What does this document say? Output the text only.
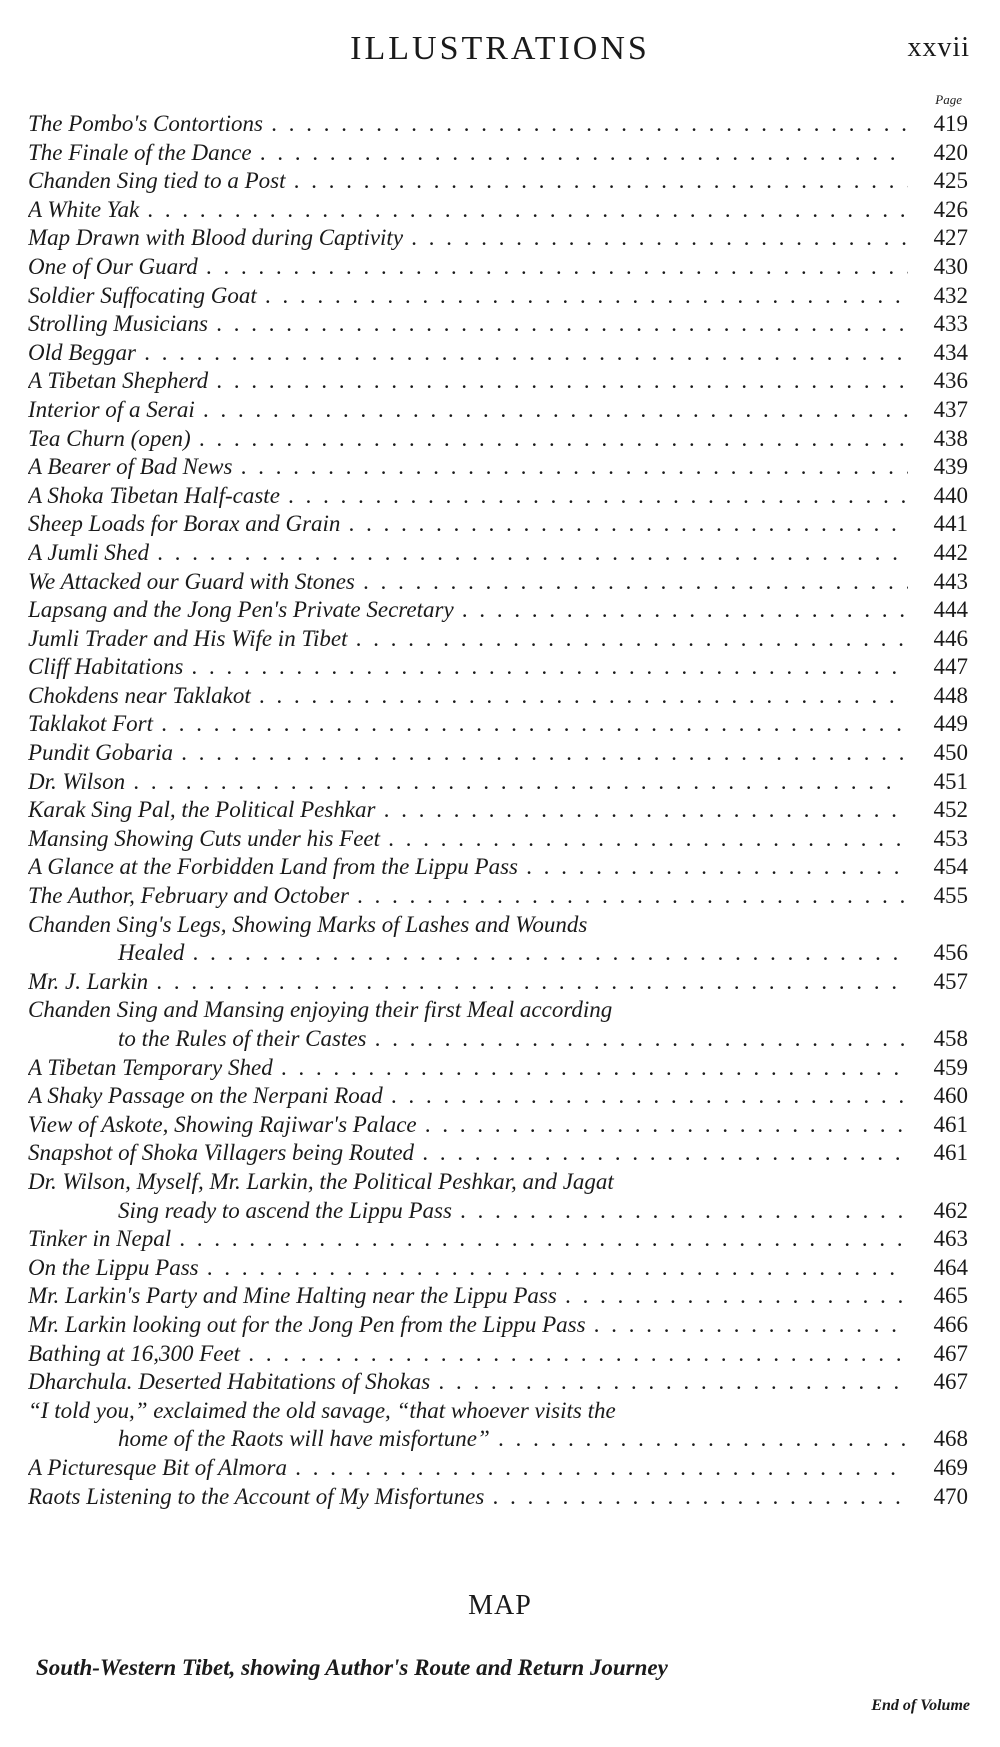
ILLUSTRATIONS	xxvii
Page
The Pombo's Contortions . .	419
The Finale of the Dance . .	420
Chanden Sing tied to a Post . .	425
A White Yak . .	426
Map Drawn with Blood during Captivity . .	427
One of Our Guard . .	430
Soldier Suffocating Goat . .	432
Strolling Musicians . .	433
Old Beggar . .	434
A Tibetan Shepherd . .	436
Interior of a Serai . .	437
Tea Churn (open) . .	438
A Bearer of Bad News . .	439
A Shoka Tibetan Half-caste . .	440
Sheep Loads for Borax and Grain . .	441
A Jumli Shed . .	442
We Attacked our Guard with Stones . .	443
Lapsang and the Jong Pen's Private Secretary . .	444
Jumli Trader and His Wife in Tibet . .	446
Cliff Habitations . .	447
Chokdens near Taklakot . .	448
Taklakot Fort . .	449
Pundit Gobaria . .	450
Dr. Wilson . .	451
Karak Sing Pal, the Political Peshkar . .	452
Mansing Showing Cuts under his Feet . .	453
A Glance at the Forbidden Land from the Lippu Pass . .	454
The Author, February and October . .	455
Chanden Sing's Legs, Showing Marks of Lashes and Wounds
Healed . .	456
Mr. J. Larkin . .	457
Chanden Sing and Mansing enjoying their first Meal according
to the Rules of their Castes . .	458
A Tibetan Temporary Shed . .	459
A Shaky Passage on the Nerpani Road . .	460
View of Askote, Showing Rajiwar's Palace . .	461
Snapshot of Shoka Villagers being Routed . .	461
Dr. Wilson, Myself, Mr. Larkin, the Political Peshkar, and Jagat
Sing ready to ascend the Lippu Pass . .	462
Tinker in Nepal . .	463
On the Lippu Pass . .	464
Mr. Larkin's Party and Mine Halting near the Lippu Pass . .	465
Mr. Larkin looking out for the Jong Pen from the Lippu Pass . .	466
Bathing at 16,300 Feet . .	467
Dharchula. Deserted Habitations of Shokas . .	467
“I told you,” exclaimed the old savage, “that whoever visits the
home of the Raots will have misfortune” . .	468
A Picturesque Bit of Almora . .	469
Raots Listening to the Account of My Misfortunes . .	470
MAP
South-Western Tibet, showing Author's Route and Return Journey
End of Volume
